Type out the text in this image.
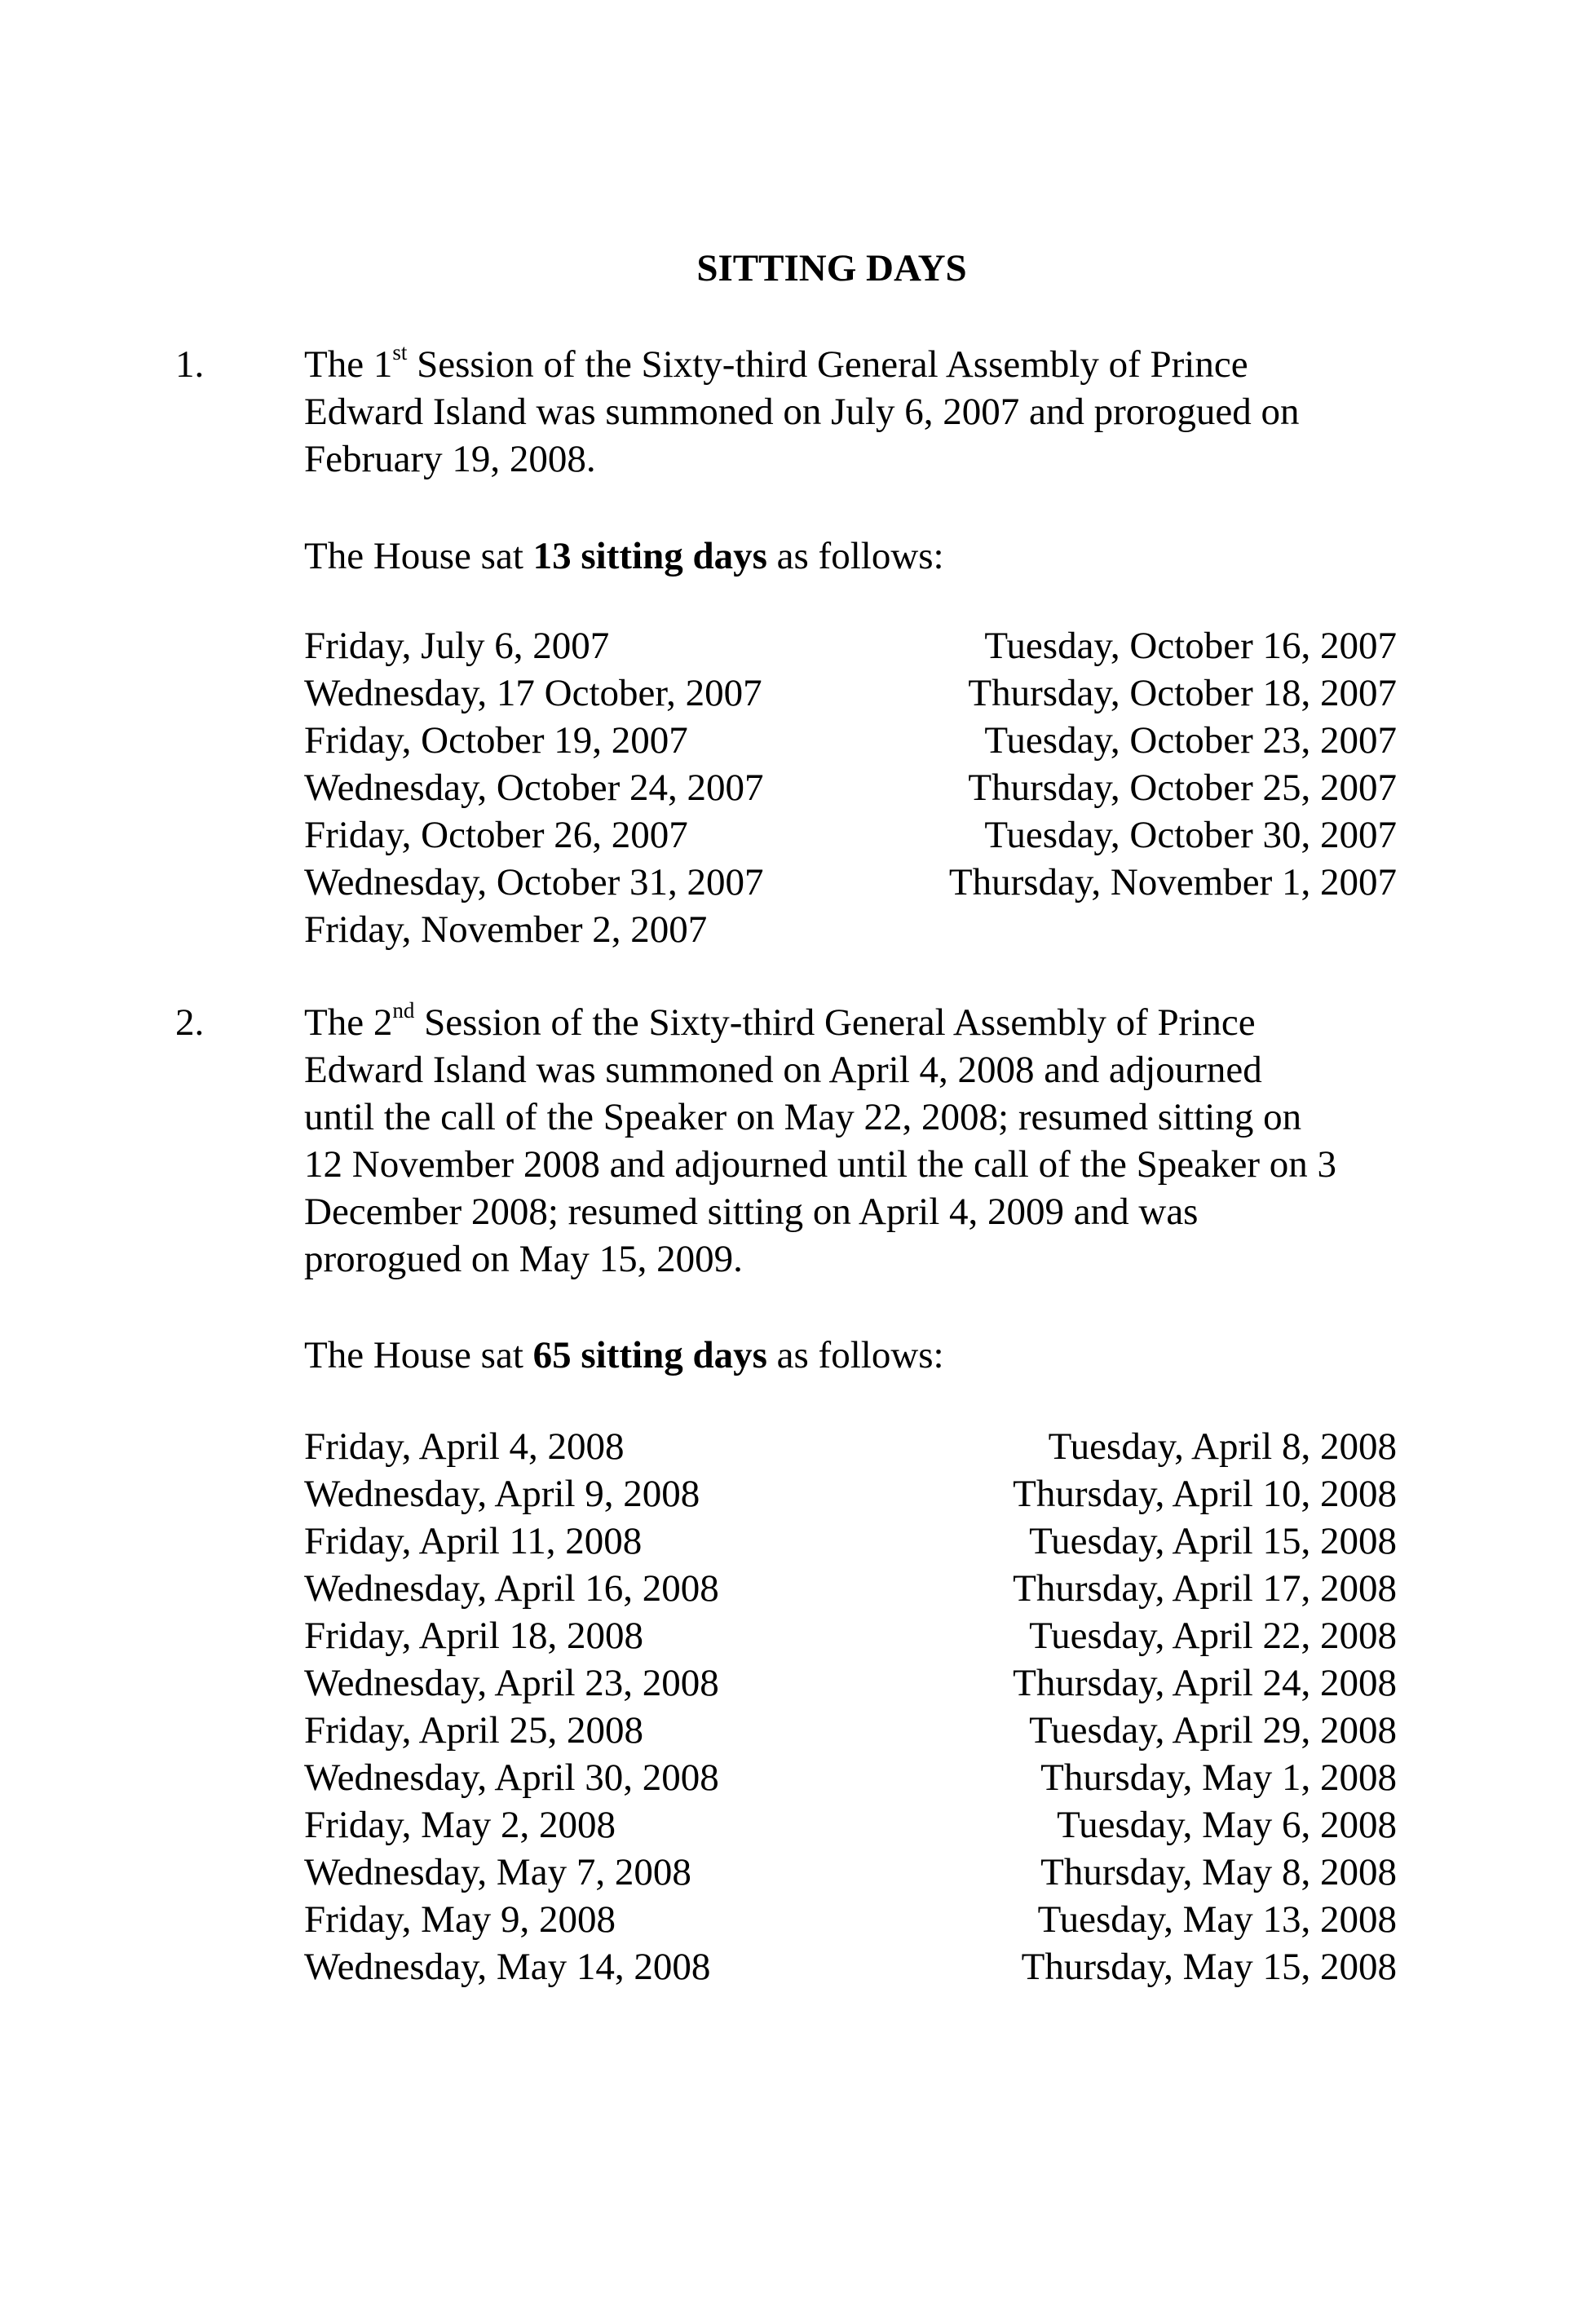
SITTING DAYS
1.	The 1st Session of the Sixty-third General Assembly of Prince
Edward Island was summoned on July 6, 2007 and prorogued on
February 19, 2008.
The House sat 13 sitting days as follows:
Friday, July 6, 2007	Tuesday, October 16, 2007
Wednesday, 17 October, 2007	Thursday, October 18, 2007
Friday, October 19, 2007	Tuesday, October 23, 2007
Wednesday, October 24, 2007	Thursday, October 25, 2007
Friday, October 26, 2007	Tuesday, October 30, 2007
Wednesday, October 31, 2007	Thursday, November 1, 2007
Friday, November 2, 2007
2.	The 2nd Session of the Sixty-third General Assembly of Prince
Edward Island was summoned on April 4, 2008 and adjourned
until the call of the Speaker on May 22, 2008; resumed sitting on
12 November 2008 and adjourned until the call of the Speaker on 3
December 2008; resumed sitting on April 4, 2009 and was
prorogued on May 15, 2009.
The House sat 65 sitting days as follows:
Friday, April 4, 2008	Tuesday, April 8, 2008
Wednesday, April 9, 2008	Thursday, April 10, 2008
Friday, April 11, 2008	Tuesday, April 15, 2008
Wednesday, April 16, 2008	Thursday, April 17, 2008
Friday, April 18, 2008	Tuesday, April 22, 2008
Wednesday, April 23, 2008	Thursday, April 24, 2008
Friday, April 25, 2008	Tuesday, April 29, 2008
Wednesday, April 30, 2008	Thursday, May 1, 2008
Friday, May 2, 2008	Tuesday, May 6, 2008
Wednesday, May 7, 2008	Thursday, May 8, 2008
Friday, May 9, 2008	Tuesday, May 13, 2008
Wednesday, May 14, 2008	Thursday, May 15, 2008
